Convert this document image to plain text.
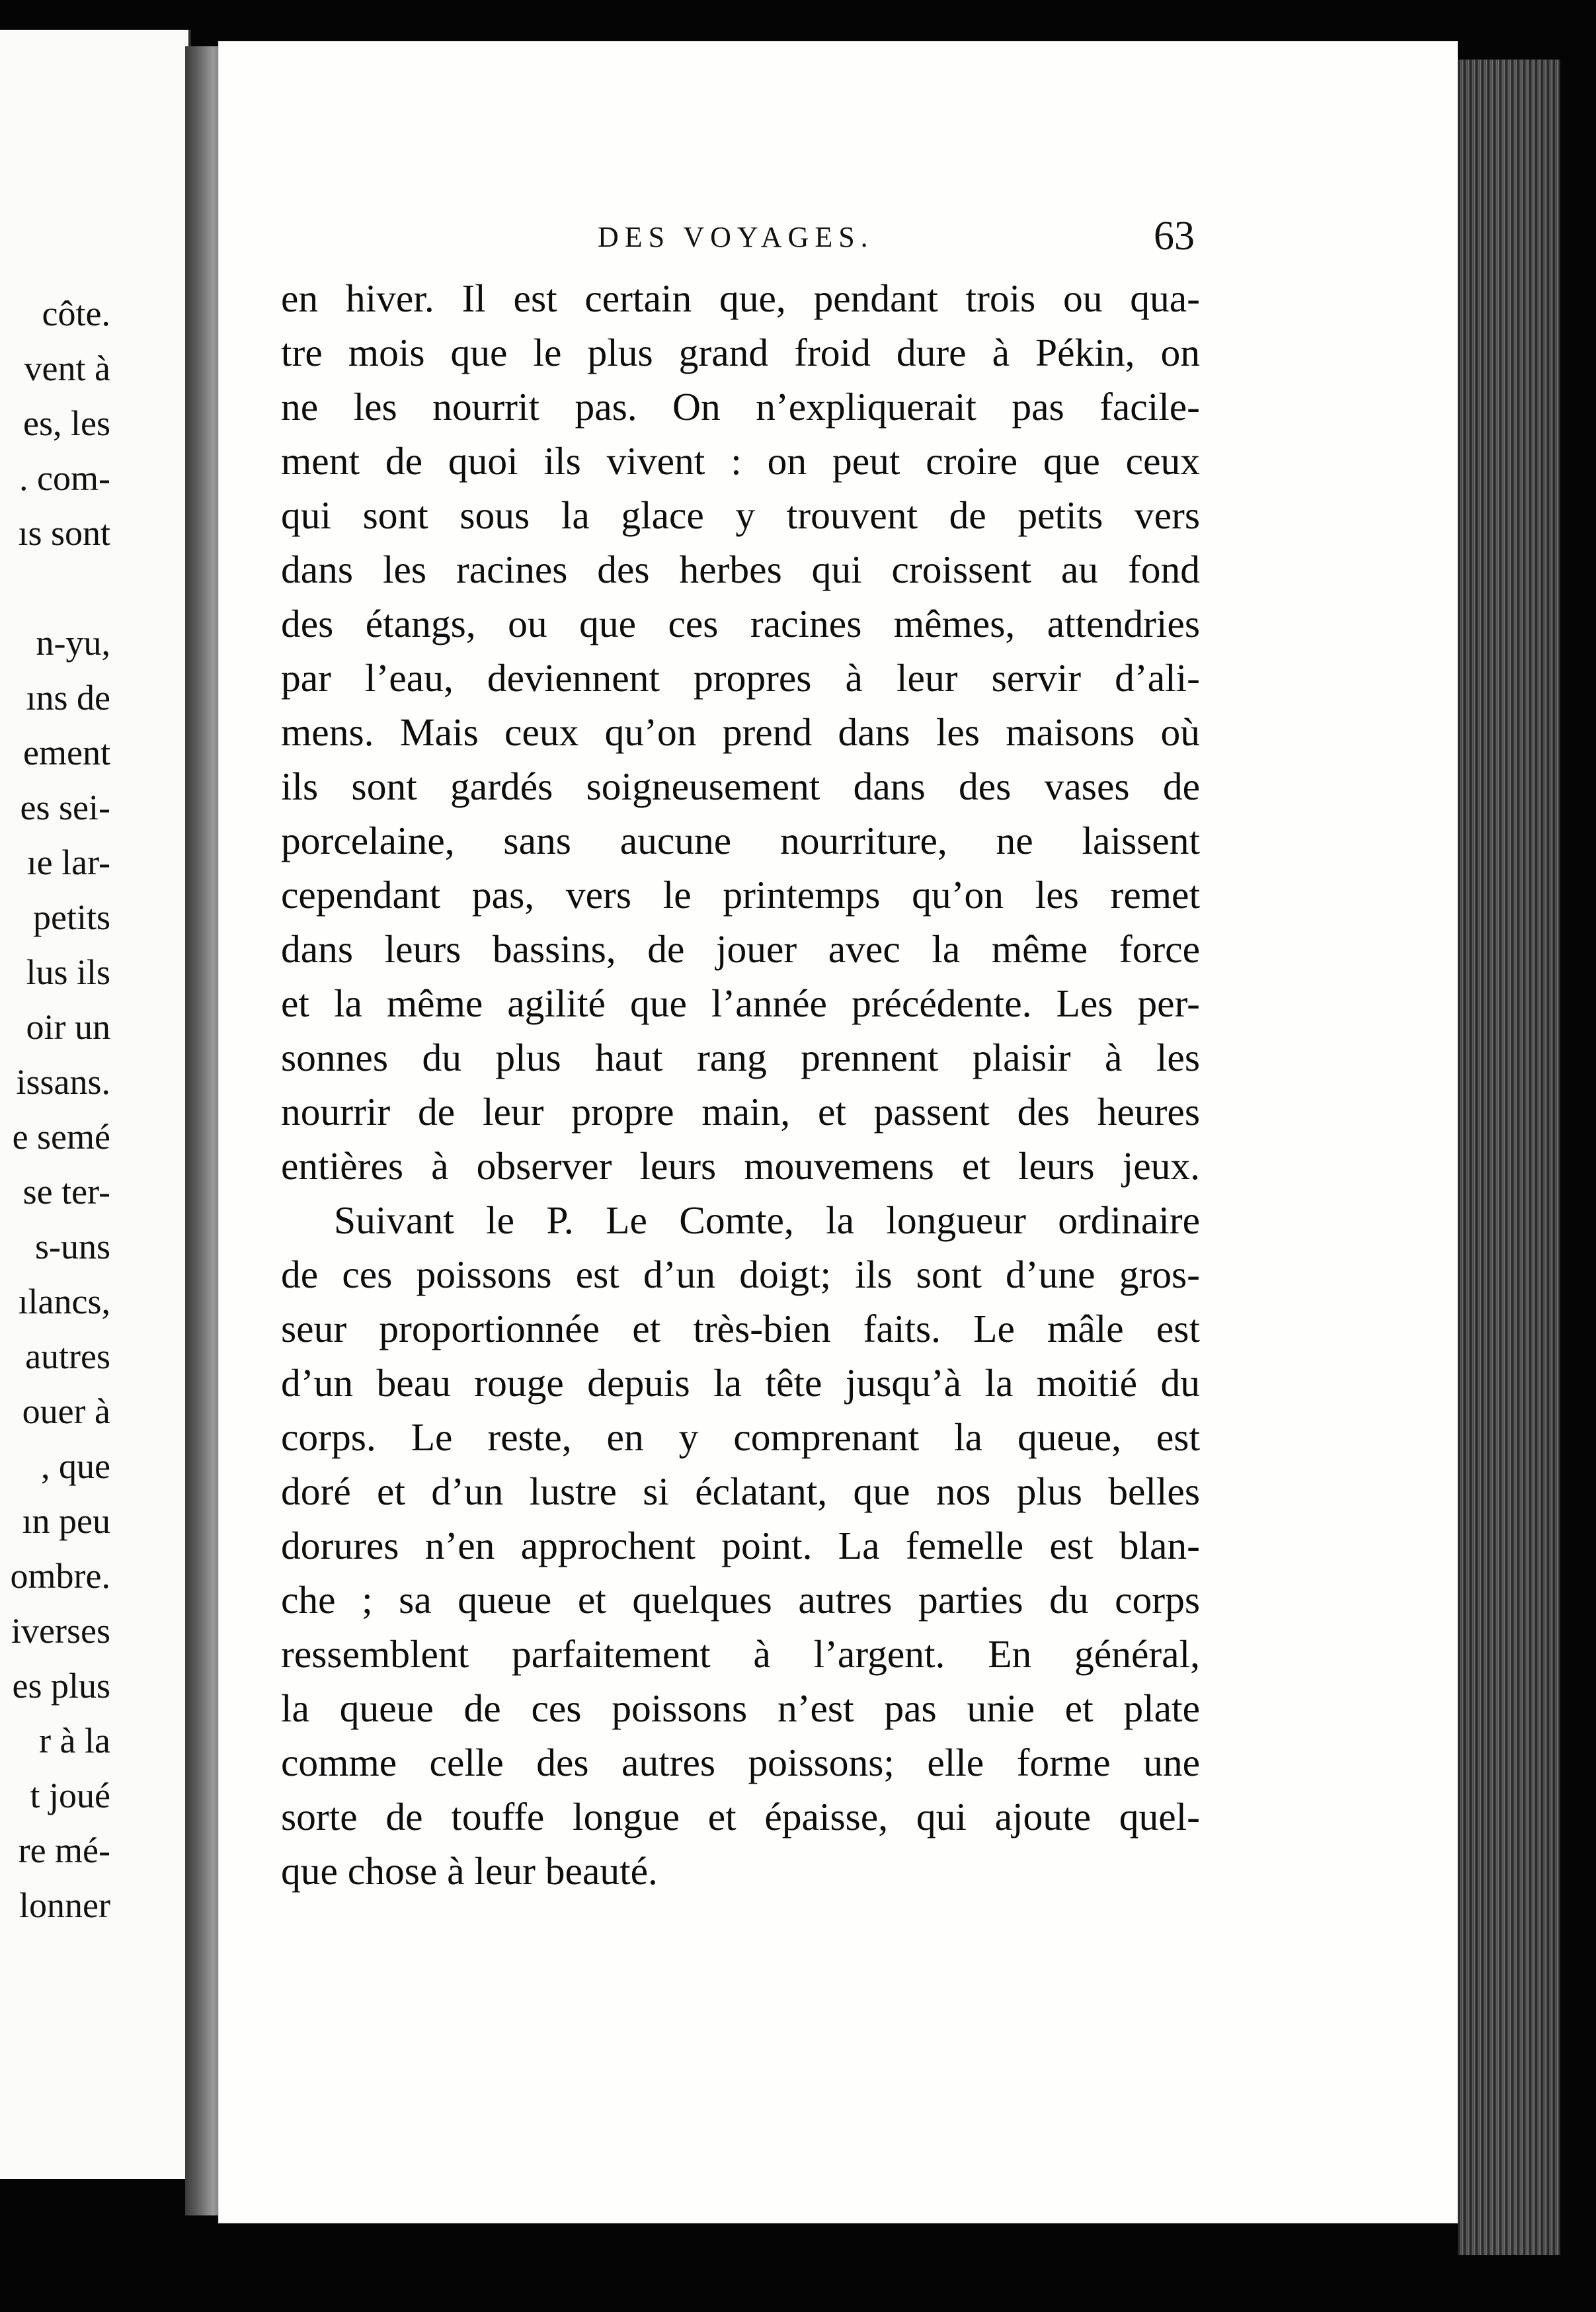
côte.
vent à
es, les
. com-
ıs sont
n-yu,
ıns de
ement
es sei-
ıe lar-
petits
lus ils
oir un
issans.
e semé
se ter-
s-uns
ılancs,
autres
ouer à
, que
ın peu
ombre.
iverses
es plus
r à la
t joué
re mé-
lonner
DES VOYAGES.	63
en hiver. Il est certain que, pendant trois ou qua-
tre mois que le plus grand froid dure à Pékin, on
ne les nourrit pas. On n’expliquerait pas facile-
ment de quoi ils vivent : on peut croire que ceux
qui sont sous la glace y trouvent de petits vers
dans les racines des herbes qui croissent au fond
des étangs, ou que ces racines mêmes, attendries
par l’eau, deviennent propres à leur servir d’ali-
mens. Mais ceux qu’on prend dans les maisons où
ils sont gardés soigneusement dans des vases de
porcelaine, sans aucune nourriture, ne laissent
cependant pas, vers le printemps qu’on les remet
dans leurs bassins, de jouer avec la même force
et la même agilité que l’année précédente. Les per-
sonnes du plus haut rang prennent plaisir à les
nourrir de leur propre main, et passent des heures
entières à observer leurs mouvemens et leurs jeux.
Suivant le P. Le Comte, la longueur ordinaire
de ces poissons est d’un doigt; ils sont d’une gros-
seur proportionnée et très-bien faits. Le mâle est
d’un beau rouge depuis la tête jusqu’à la moitié du
corps. Le reste, en y comprenant la queue, est
doré et d’un lustre si éclatant, que nos plus belles
dorures n’en approchent point. La femelle est blan-
che ; sa queue et quelques autres parties du corps
ressemblent parfaitement à l’argent. En général,
la queue de ces poissons n’est pas unie et plate
comme celle des autres poissons; elle forme une
sorte de touffe longue et épaisse, qui ajoute quel-
que chose à leur beauté.
